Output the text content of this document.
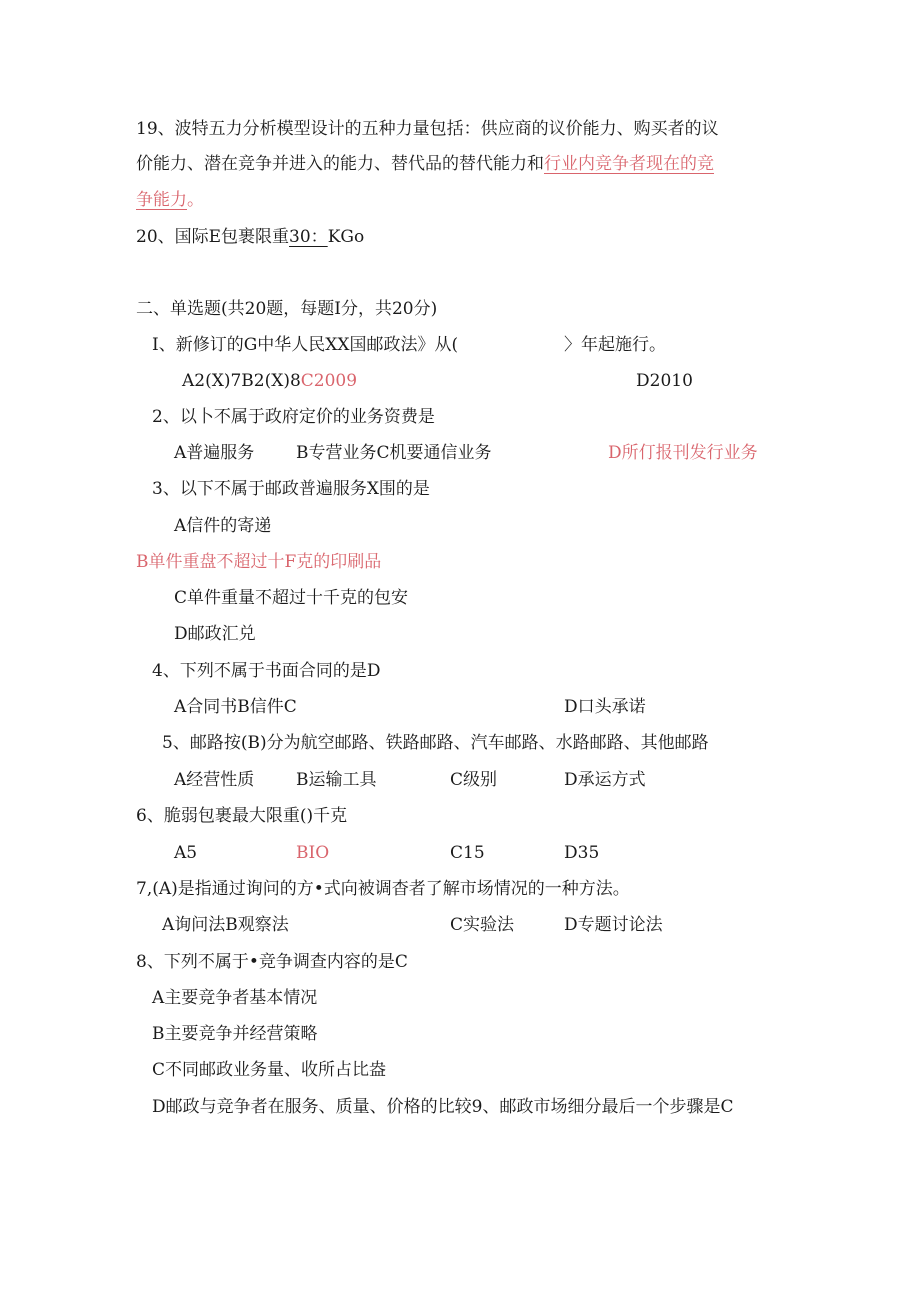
19、波特五力分析模型设计的五种力量包括：供应商的议价能力、购买者的议
价能力、潜在竞争并进入的能力、替代品的替代能力和行业内竞争者现在的竞
争能力。
20、国际E包裹限重30：KGo
二、单选题(共20题，每题I分，共20分)
I、新修订的G中华人民XX国邮政法》从(	〉年起施行。
A2(X)7B2(X)8C2009	D2010
2、以卜不属于政府定价的业务资费是
A普遍服务 B专营业务C机要通信业务	D所仃报刊发行业务
3、以下不属于邮政普遍服务X围的是
A信件的寄递
B单件重盘不超过十F克的印刷品
C单件重量不超过十千克的包安
D邮政汇兑
4、下列不属于书面合同的是D
A合同书B信件C	D口头承诺
5、邮路按(B)分为航空邮路、铁路邮路、汽车邮路、水路邮路、其他邮路
A经营性质 B运输工具	C级别	D承运方式
6、脆弱包裹最大限重()千克
A5	BIO	C15	D35
7,(A)是指通过询问的方•式向被调杳者了解市场情况的一种方法。
A询问法B观察法	C实验法	D专题讨论法
8、下列不属于•竞争调查内容的是C
A主要竞争者基本情况
B主要竞争并经营策略
C不同邮政业务量、收所占比盎
D邮政与竞争者在服务、质量、价格的比较9、邮政市场细分最后一个步骤是C
